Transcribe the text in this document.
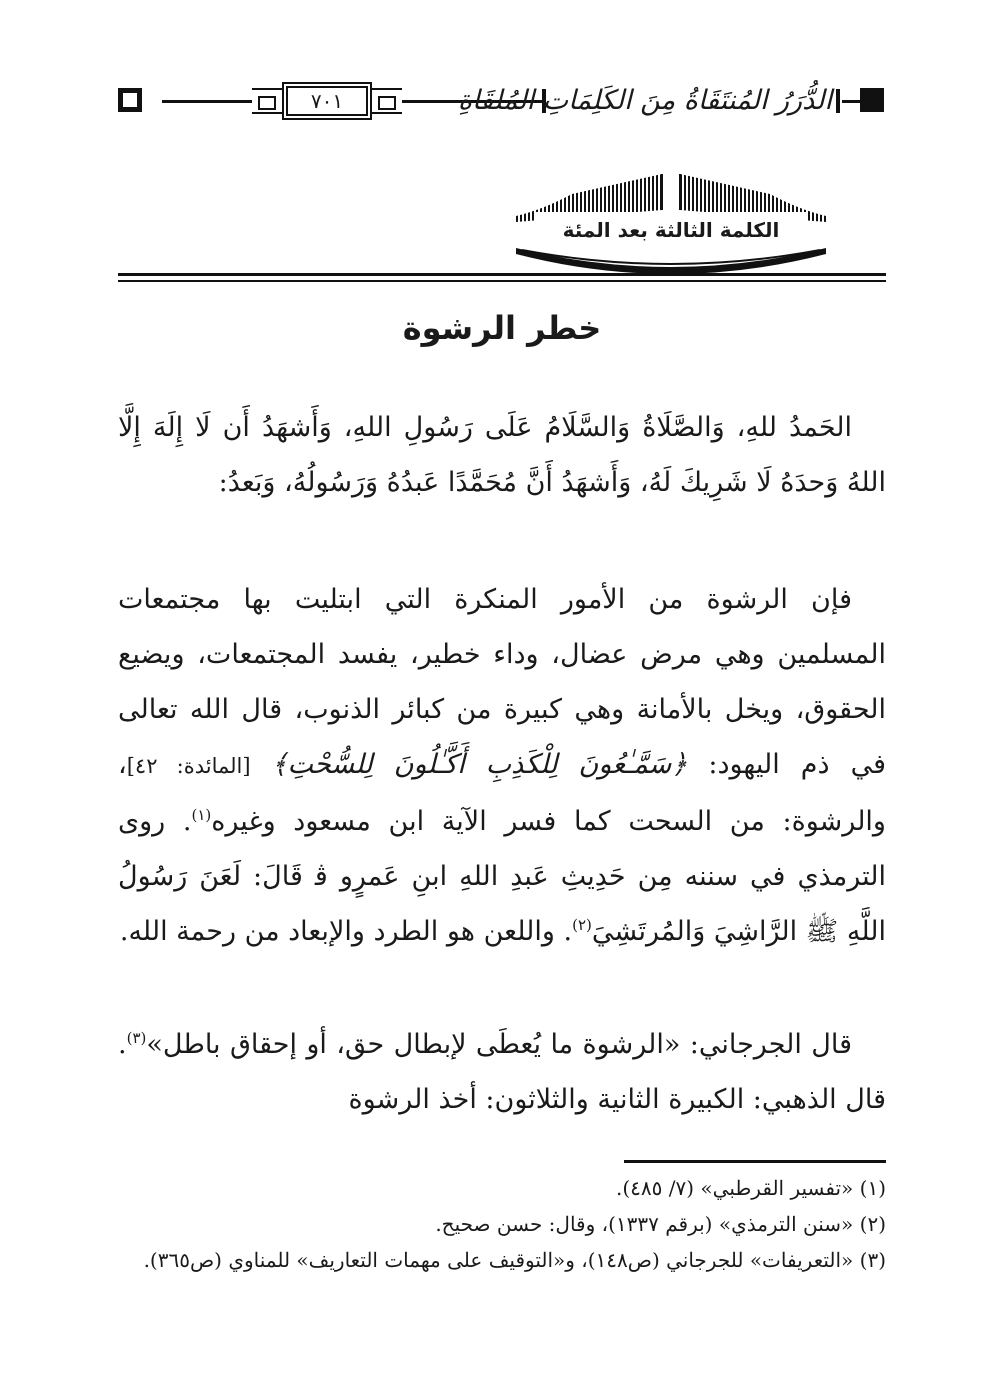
٧٠١	الدُّرَرُ المُنتَقَاةُ مِنَ الكَلِمَاتِ المُلقَاةِ
الكلمة الثالثة بعد المئة
خطر الرشوة

الحَمدُ للهِ، وَالصَّلَاةُ وَالسَّلَامُ عَلَى رَسُولِ اللهِ، وَأَشهَدُ أَن لَا إِلَهَ إِلَّا اللهُ وَحدَهُ لَا شَرِيكَ لَهُ، وَأَشهَدُ أَنَّ مُحَمَّدًا عَبدُهُ وَرَسُولُهُ، وَبَعدُ:

فإن الرشوة من الأمور المنكرة التي ابتليت بها مجتمعات المسلمين وهي مرض عضال، وداء خطير، يفسد المجتمعات، ويضيع الحقوق، ويخل بالأمانة وهي كبيرة من كبائر الذنوب، قال الله تعالى في ذم اليهود: ﴿سَمَّـٰعُونَ لِلْكَذِبِ أَكَّـٰلُونَ لِلسُّحْتِ﴾ [المائدة: ٤٢]، والرشوة: من السحت كما فسر الآية ابن مسعود وغيره$^{(١)}$. روى الترمذي في سننه مِن حَدِيثِ عَبدِ اللهِ ابنِ عَمرٍو ﭬ قَالَ: لَعَنَ رَسُولُ اللَّهِ ﷺ الرَّاشِيَ وَالمُرتَشِيَ$^{(٢)}$. واللعن هو الطرد والإبعاد من رحمة الله.

قال الجرجاني: «الرشوة ما يُعطَى لإبطال حق، أو إحقاق باطل»$^{(٣)}$. قال الذهبي: الكبيرة الثانية والثلاثون: أخذ الرشوة

(١) «تفسير القرطبي» (٧/ ٤٨٥).

(٢) «سنن الترمذي» (برقم ١٣٣٧)، وقال: حسن صحيح.

(٣) «التعريفات» للجرجاني (ص١٤٨)، و«التوقيف على مهمات التعاريف» للمناوي (ص٣٦٥).
